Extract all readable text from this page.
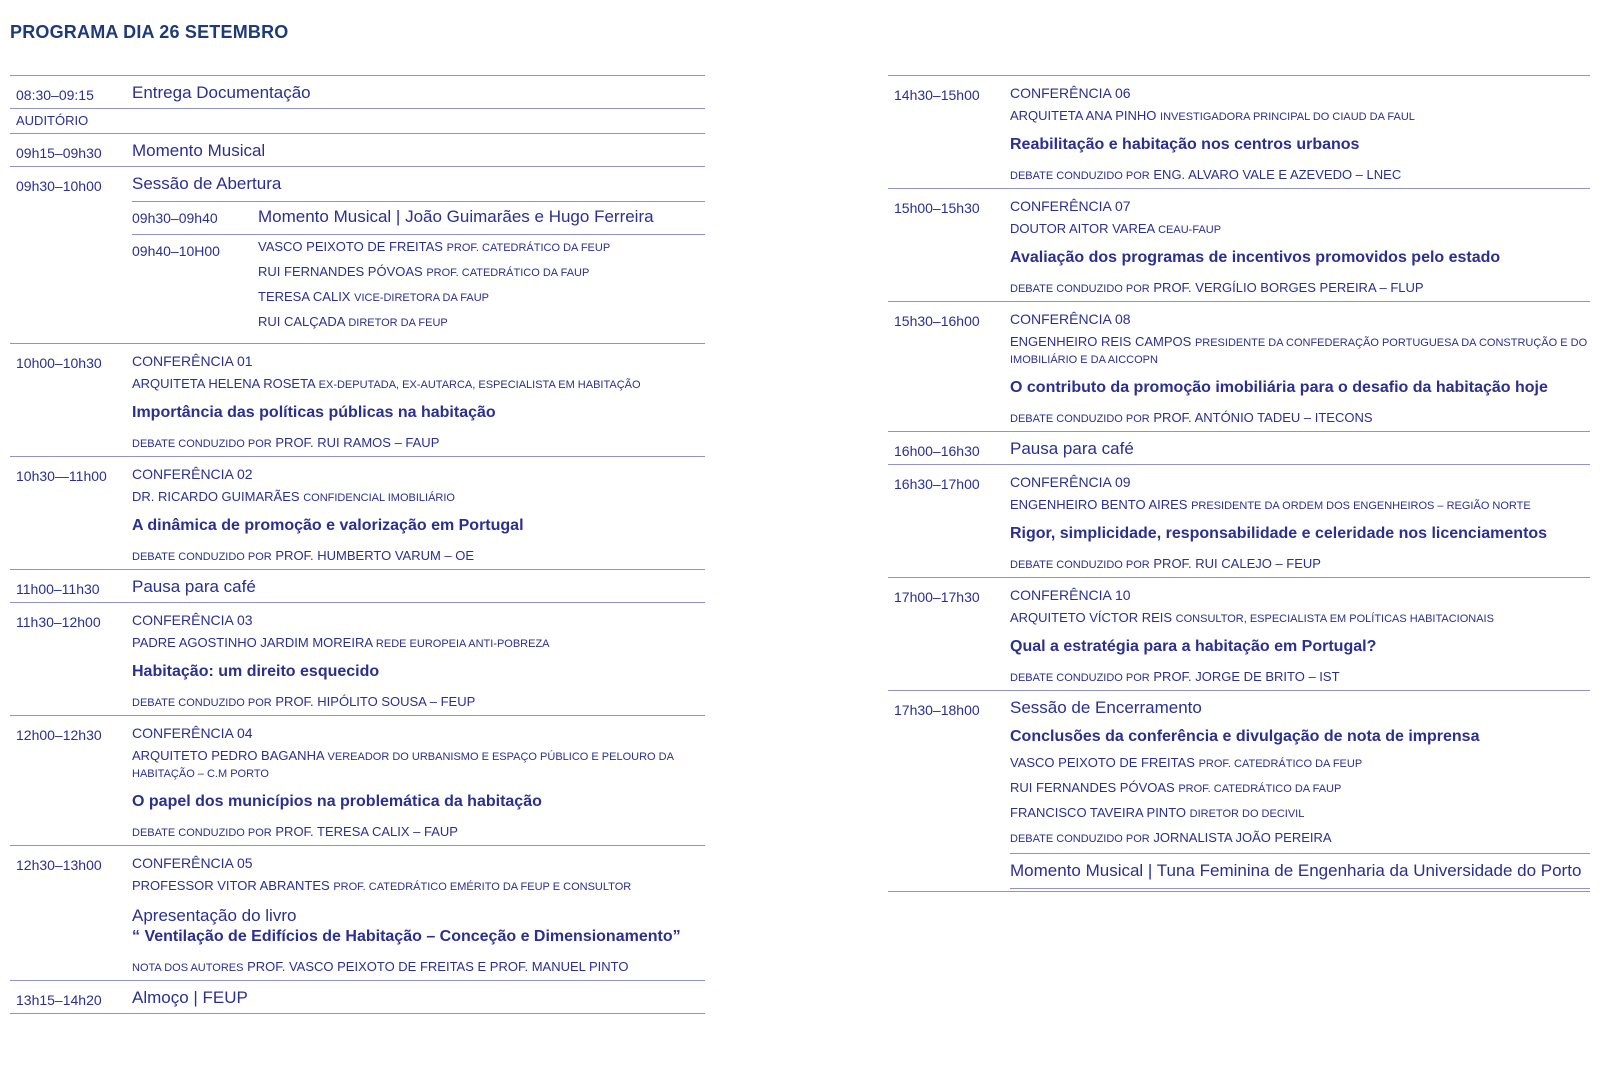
PROGRAMA DIA 26 SETEMBRO
08:30–09:15	Entrega Documentação
AUDITÓRIO
09h15–09h30	Momento Musical
09h30–10h00	Sessão de Abertura
09h30–09h40	Momento Musical | João Guimarães e Hugo Ferreira
09h40–10H00	VASCO PEIXOTO DE FREITAS PROF. CATEDRÁTICO DA FEUP
RUI FERNANDES PÓVOAS PROF. CATEDRÁTICO DA FAUP
TERESA CALIX VICE-DIRETORA DA FAUP
RUI CALÇADA DIRETOR DA FEUP
10h00–10h30	CONFERÊNCIA 01
ARQUITETA HELENA ROSETA EX-DEPUTADA, EX-AUTARCA, ESPECIALISTA EM HABITAÇÃO
Importância das políticas públicas na habitação
DEBATE CONDUZIDO POR PROF. RUI RAMOS – FAUP
10h30—11h00	CONFERÊNCIA 02
DR. RICARDO GUIMARÃES CONFIDENCIAL IMOBILIÁRIO
A dinâmica de promoção e valorização em Portugal
DEBATE CONDUZIDO POR PROF. HUMBERTO VARUM – OE
11h00–11h30	Pausa para café
11h30–12h00	CONFERÊNCIA 03
PADRE AGOSTINHO JARDIM MOREIRA REDE EUROPEIA ANTI-POBREZA
Habitação: um direito esquecido
DEBATE CONDUZIDO POR PROF. HIPÓLITO SOUSA – FEUP
12h00–12h30	CONFERÊNCIA 04
ARQUITETO PEDRO BAGANHA VEREADOR DO URBANISMO E ESPAÇO PÚBLICO E PELOURO DA HABITAÇÃO – C.M PORTO
O papel dos municípios na problemática da habitação
DEBATE CONDUZIDO POR PROF. TERESA CALIX – FAUP
12h30–13h00	CONFERÊNCIA 05
PROFESSOR VITOR ABRANTES PROF. CATEDRÁTICO EMÉRITO DA FEUP E CONSULTOR
Apresentação do livro
“ Ventilação de Edifícios de Habitação – Conceção e Dimensionamento”
NOTA DOS AUTORES PROF. VASCO PEIXOTO DE FREITAS E PROF. MANUEL PINTO
13h15–14h20	Almoço | FEUP
14h30–15h00	CONFERÊNCIA 06
ARQUITETA ANA PINHO INVESTIGADORA PRINCIPAL DO CIAUD DA FAUL
Reabilitação e habitação nos centros urbanos
DEBATE CONDUZIDO POR ENG. ALVARO VALE E AZEVEDO – LNEC
15h00–15h30	CONFERÊNCIA 07
DOUTOR AITOR VAREA CEAU-FAUP
Avaliação dos programas de incentivos promovidos pelo estado
DEBATE CONDUZIDO POR PROF. VERGÍLIO BORGES PEREIRA – FLUP
15h30–16h00	CONFERÊNCIA 08
ENGENHEIRO REIS CAMPOS PRESIDENTE DA CONFEDERAÇÃO PORTUGUESA DA CONSTRUÇÃO E DO IMOBILIÁRIO E DA AICCOPN
O contributo da promoção imobiliária para o desafio da habitação hoje
DEBATE CONDUZIDO POR PROF. ANTÓNIO TADEU – ITECONS
16h00–16h30	Pausa para café
16h30–17h00	CONFERÊNCIA 09
ENGENHEIRO BENTO AIRES PRESIDENTE DA ORDEM DOS ENGENHEIROS – REGIÃO NORTE
Rigor, simplicidade, responsabilidade e celeridade nos licenciamentos
DEBATE CONDUZIDO POR PROF. RUI CALEJO – FEUP
17h00–17h30	CONFERÊNCIA 10
ARQUITETO VÍCTOR REIS CONSULTOR, ESPECIALISTA EM POLÍTICAS HABITACIONAIS
Qual a estratégia para a habitação em Portugal?
DEBATE CONDUZIDO POR PROF. JORGE DE BRITO – IST
17h30–18h00	Sessão de Encerramento
Conclusões da conferência e divulgação de nota de imprensa
VASCO PEIXOTO DE FREITAS PROF. CATEDRÁTICO DA FEUP
RUI FERNANDES PÓVOAS PROF. CATEDRÁTICO DA FAUP
FRANCISCO TAVEIRA PINTO DIRETOR DO DECIVIL
DEBATE CONDUZIDO POR JORNALISTA JOÃO PEREIRA
Momento Musical | Tuna Feminina de Engenharia da Universidade do Porto
